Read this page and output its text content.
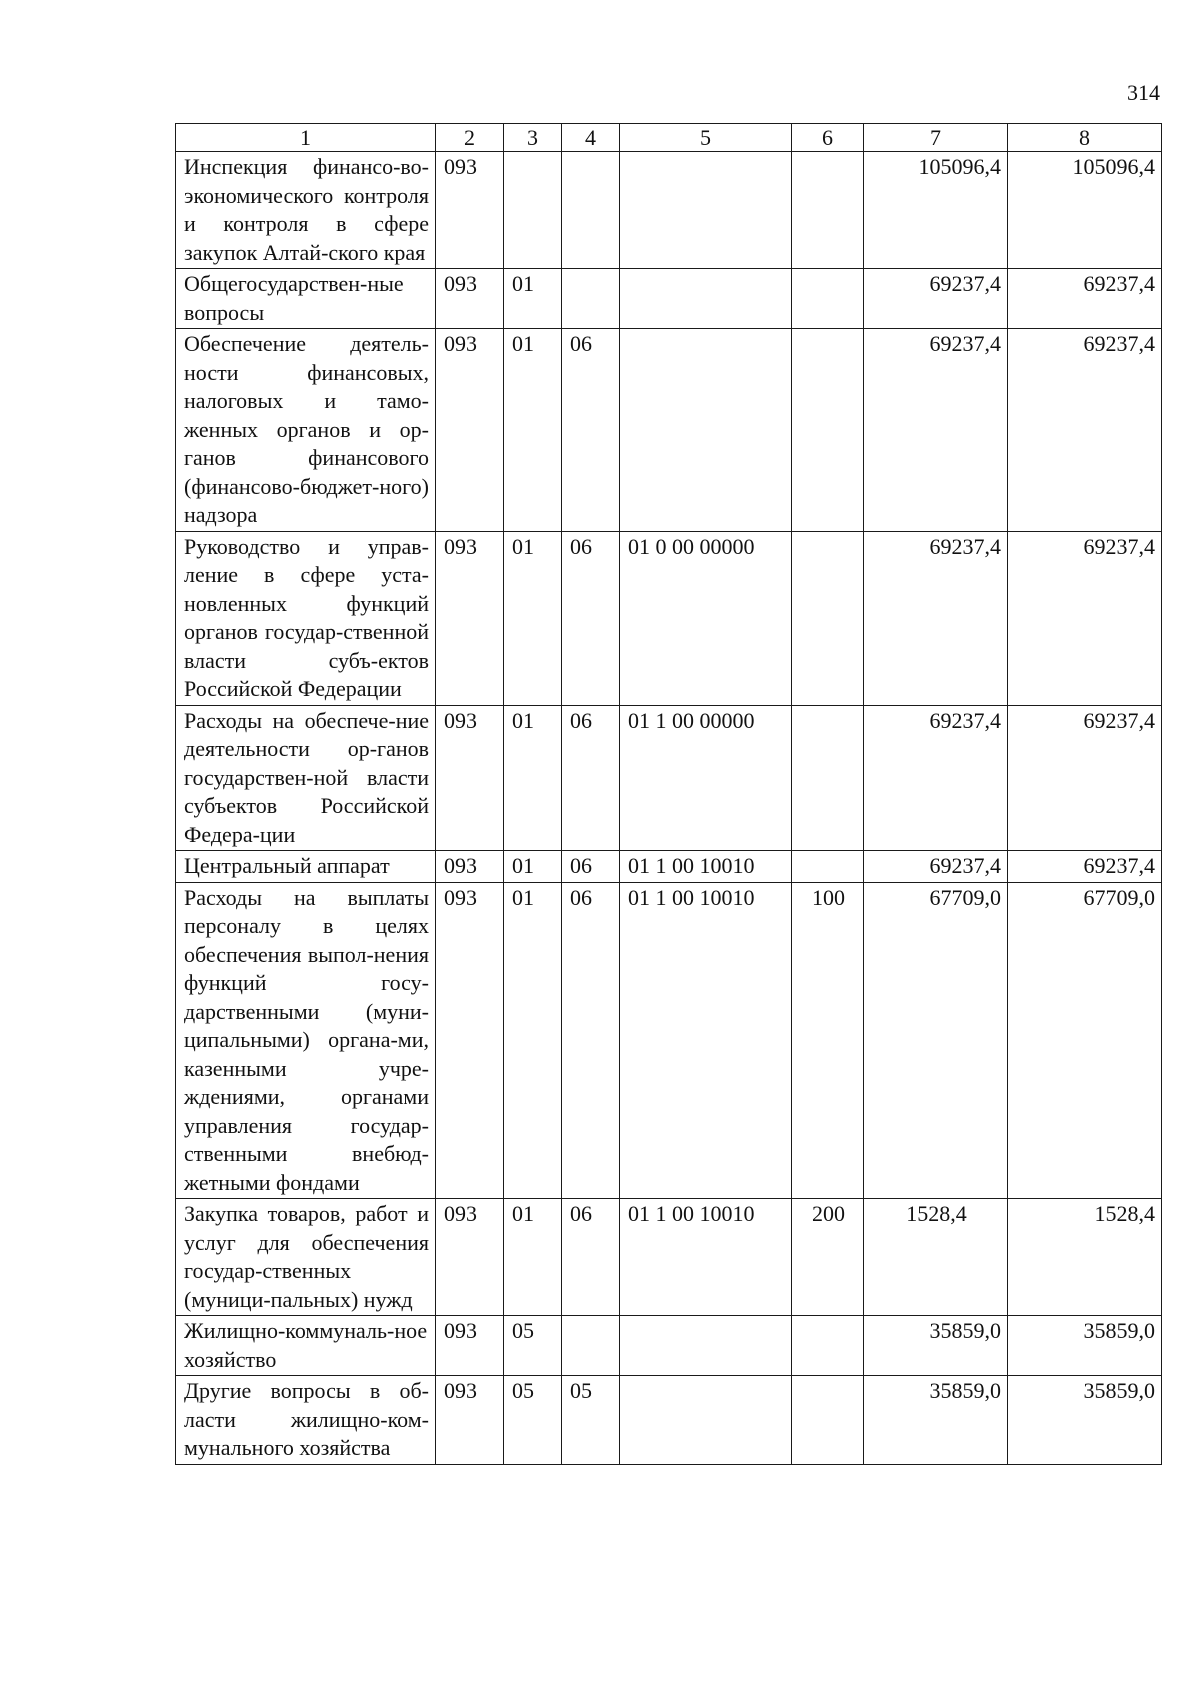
314
1	2	3	4	5	6	7	8
Инспекция финансо-во-экономического контроля и контроля в сфере закупок Алтай-ского края	093					105096,4	105096,4
Общегосударствен-ные вопросы	093	01				69237,4	69237,4
Обеспечение деятель-ности финансовых, налоговых и тамо-женных органов и ор-ганов финансового (финансово-бюджет-ного) надзора	093	01	06			69237,4	69237,4
Руководство и управ-ление в сфере уста-новленных функций органов государ-ственной власти субъ-ектов Российской Федерации	093	01	06	01 0 00 00000		69237,4	69237,4
Расходы на обеспече-ние деятельности ор-ганов государствен-ной власти субъектов Российской Федера-ции	093	01	06	01 1 00 00000		69237,4	69237,4
Центральный аппарат	093	01	06	01 1 00 10010		69237,4	69237,4
Расходы на выплаты персоналу в целях обеспечения выпол-нения функций госу-дарственными (муни-ципальными) органа-ми, казенными учре-ждениями, органами управления государ-ственными внебюд-жетными фондами	093	01	06	01 1 00 10010	100	67709,0	67709,0
Закупка товаров, работ и услуг для обеспечения государ-ственных (муници-пальных) нужд	093	01	06	01 1 00 10010	200	1528,4	1528,4
Жилищно-коммуналь-ное хозяйство	093	05				35859,0	35859,0
Другие вопросы в об-ласти жилищно-ком-мунального хозяйства	093	05	05			35859,0	35859,0
